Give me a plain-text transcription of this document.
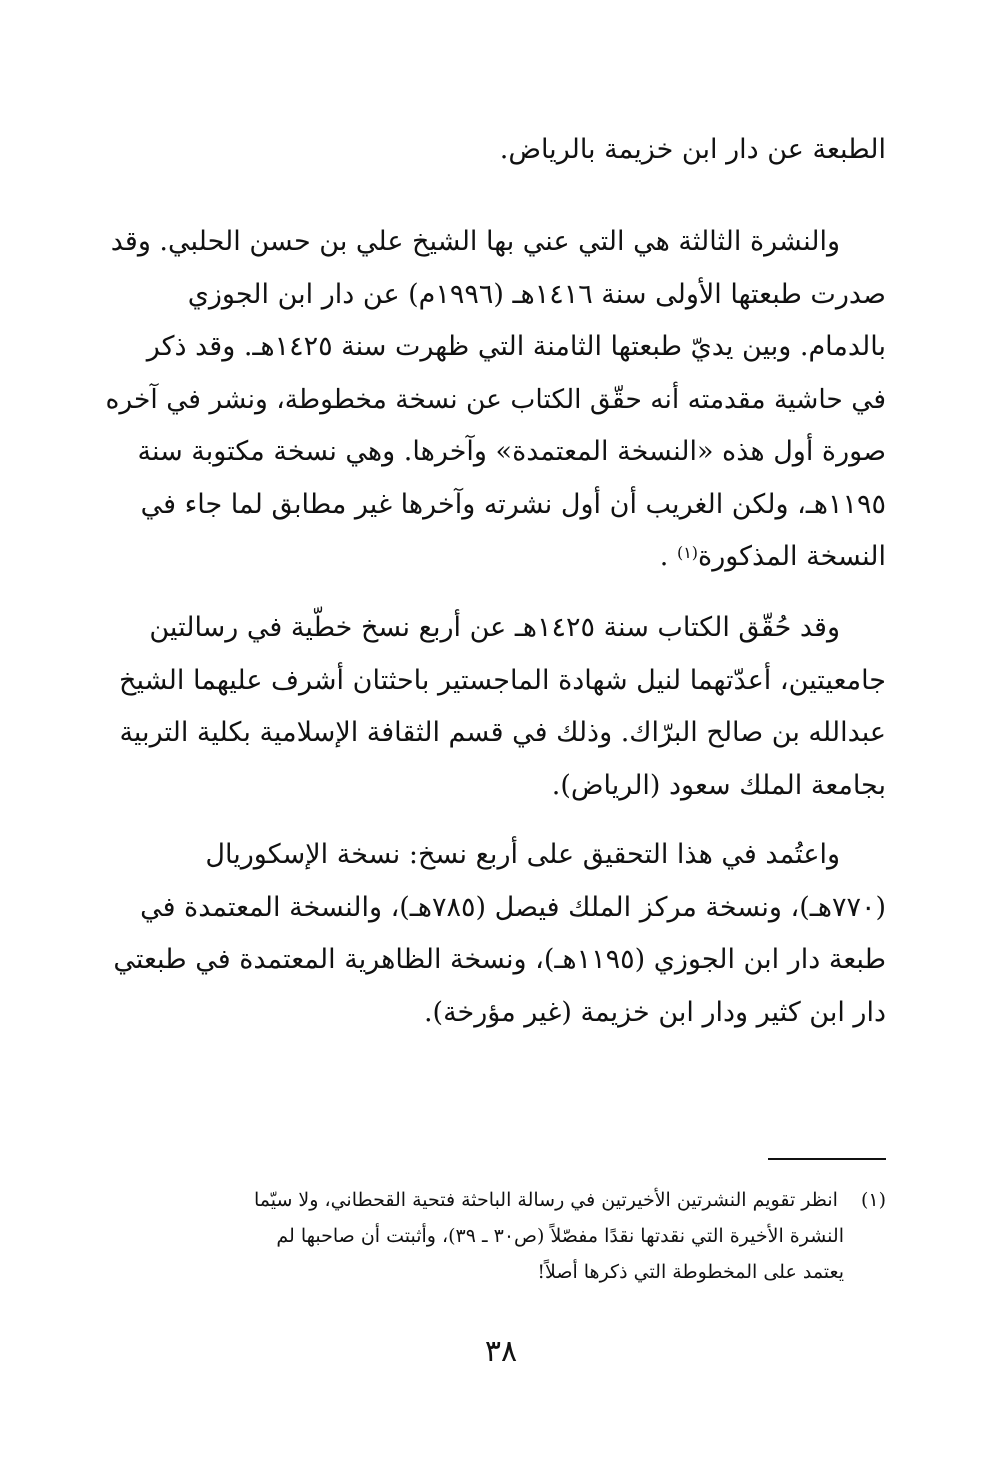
الطبعة عن دار ابن خزيمة بالرياض.
والنشرة الثالثة هي التي عني بها الشيخ علي بن حسن الحلبي. وقد
صدرت طبعتها الأولى سنة ١٤١٦هـ (١٩٩٦م) عن دار ابن الجوزي
بالدمام. وبين يديّ طبعتها الثامنة التي ظهرت سنة ١٤٢٥هـ. وقد ذكر
في حاشية مقدمته أنه حقّق الكتاب عن نسخة مخطوطة، ونشر في آخره
صورة أول هذه «النسخة المعتمدة» وآخرها. وهي نسخة مكتوبة سنة
١١٩٥هـ، ولكن الغريب أن أول نشرته وآخرها غير مطابق لما جاء في
النسخة المذكورة$^{(١)}$ .
وقد حُقّق الكتاب سنة ١٤٢٥هـ عن أربع نسخ خطّية في رسالتين
جامعيتين، أعدّتهما لنيل شهادة الماجستير باحثتان أشرف عليهما الشيخ
عبدالله بن صالح البرّاك. وذلك في قسم الثقافة الإسلامية بكلية التربية
بجامعة الملك سعود (الرياض).
واعتُمد في هذا التحقيق على أربع نسخ: نسخة الإسكوريال
(٧٧٠هـ)، ونسخة مركز الملك فيصل (٧٨٥هـ)، والنسخة المعتمدة في
طبعة دار ابن الجوزي (١١٩٥هـ)، ونسخة الظاهرية المعتمدة في طبعتي
دار ابن كثير ودار ابن خزيمة (غير مؤرخة).
(١) انظر تقويم النشرتين الأخيرتين في رسالة الباحثة فتحية القحطاني، ولا سيّما
النشرة الأخيرة التي نقدتها نقدًا مفصّلاً (ص٣٠ ـ ٣٩)، وأثبتت أن صاحبها لم
يعتمد على المخطوطة التي ذكرها أصلاً!
٣٨
